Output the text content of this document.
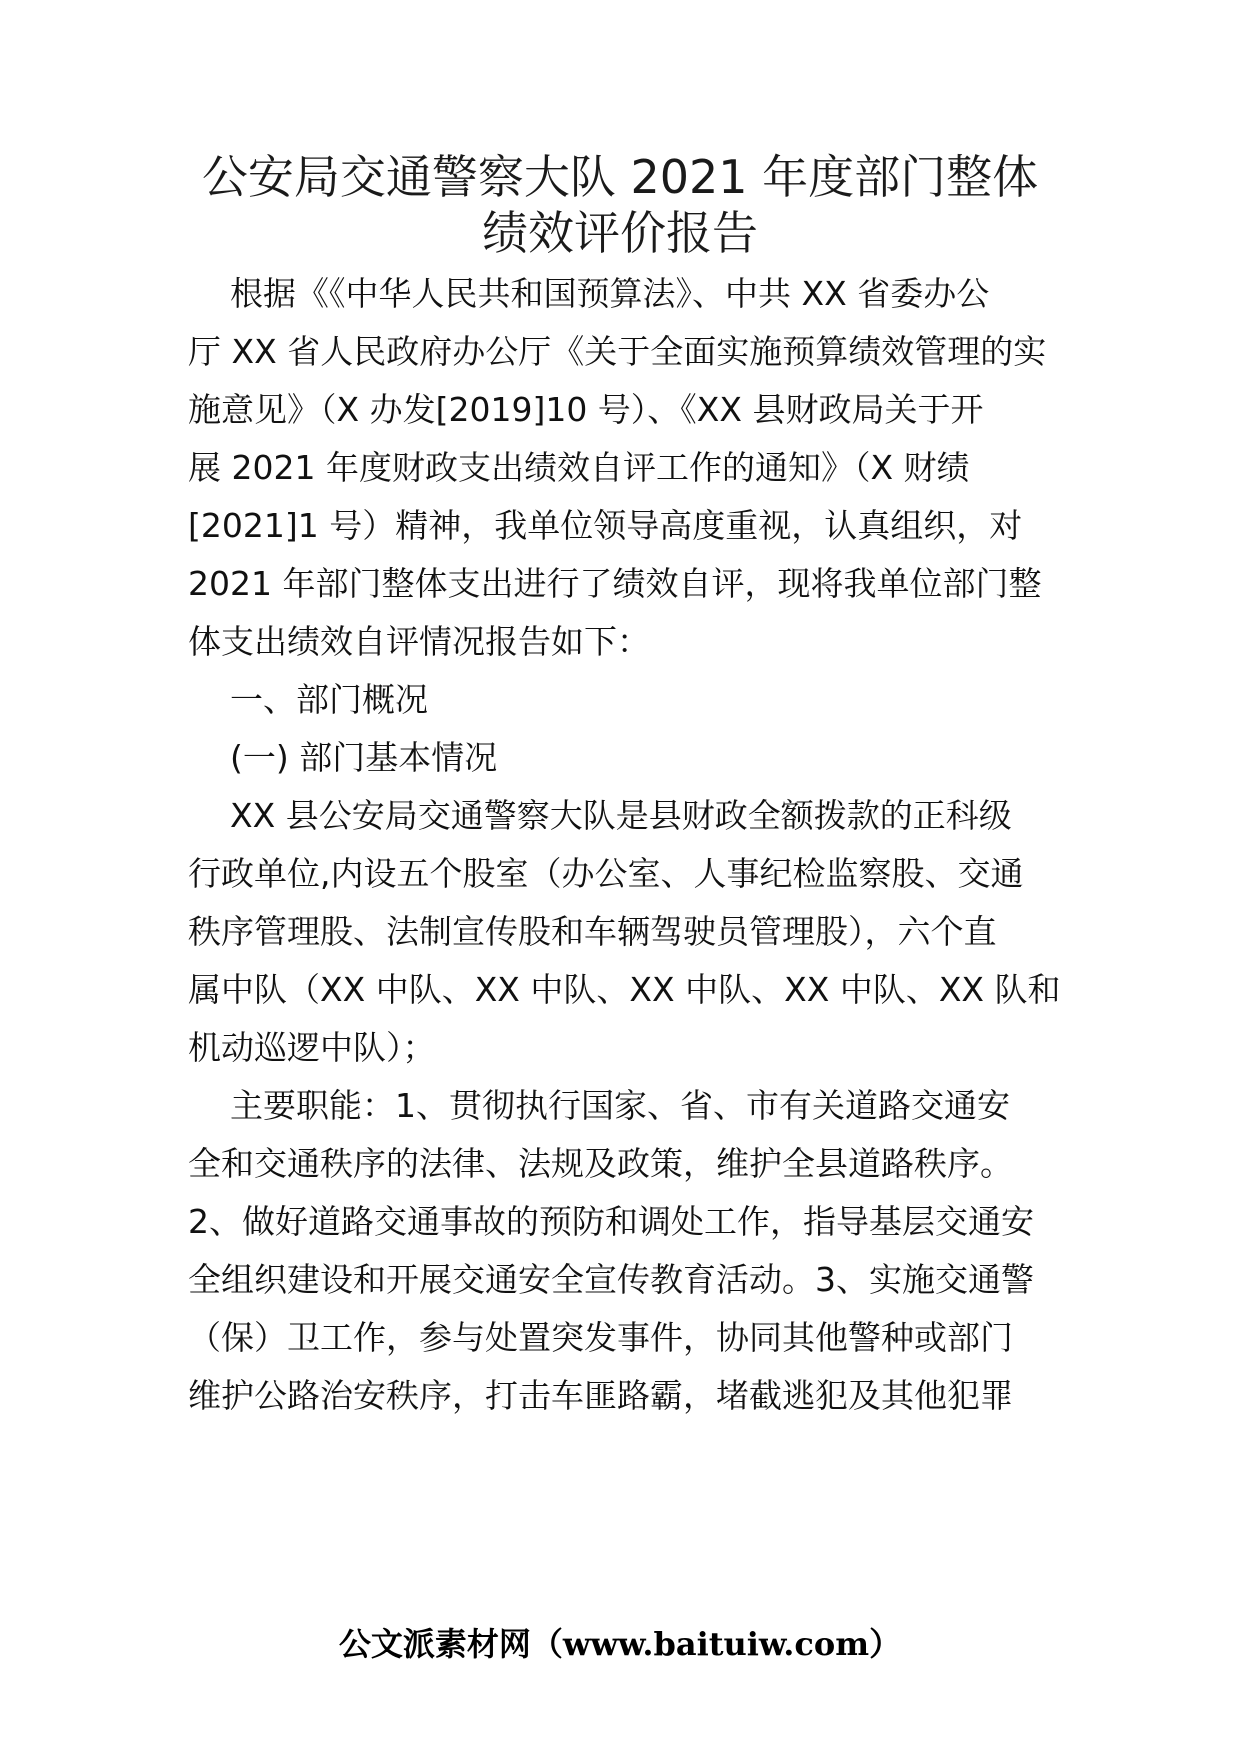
公安局交通警察大队 2021 年度部门整体
绩效评价报告
根据《《中华人民共和国预算法》、中共 XX 省委办公
厅 XX 省人民政府办公厅《关于全面实施预算绩效管理的实
施意见》（X 办发[2019]10 号）、《XX 县财政局关于开
展 2021 年度财政支出绩效自评工作的通知》（X 财绩
[2021]1 号）精神，我单位领导高度重视，认真组织，对
2021 年部门整体支出进行了绩效自评，现将我单位部门整
体支出绩效自评情况报告如下：
一、部门概况
(一) 部门基本情况
XX 县公安局交通警察大队是县财政全额拨款的正科级
行政单位,内设五个股室（办公室、人事纪检监察股、交通
秩序管理股、法制宣传股和车辆驾驶员管理股），六个直
属中队（XX 中队、XX 中队、XX 中队、XX 中队、XX 队和
机动巡逻中队）；
主要职能：1、贯彻执行国家、省、市有关道路交通安
全和交通秩序的法律、法规及政策，维护全县道路秩序。
2、做好道路交通事故的预防和调处工作，指导基层交通安
全组织建设和开展交通安全宣传教育活动。3、实施交通警
（保）卫工作，参与处置突发事件，协同其他警种或部门
维护公路治安秩序，打击车匪路霸，堵截逃犯及其他犯罪
公文派素材网（www.baituiw.com）
